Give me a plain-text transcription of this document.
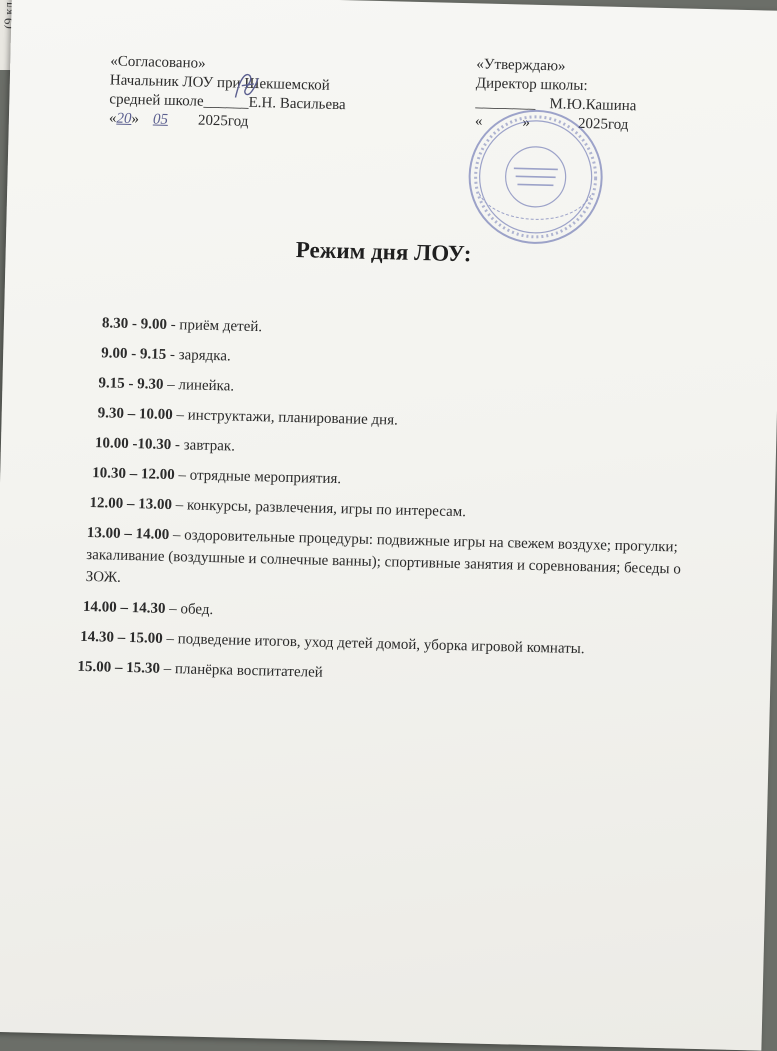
(9 кл
«Согласовано»
Начальник ЛОУ при Шекшемской
средней школе______Е.Н. Васильева
«20» 05 2025год
«Утверждаю»
Директор школы:
________ М.Ю.Кашина
«	»	2025год
Режим дня ЛОУ:
8.30 - 9.00 - приём детей.
9.00 - 9.15 - зарядка.
9.15 - 9.30 – линейка.
9.30 – 10.00 – инструктажи, планирование дня.
10.00 -10.30 - завтрак.
10.30 – 12.00 – отрядные мероприятия.
12.00 – 13.00 – конкурсы, развлечения, игры по интересам.
13.00 – 14.00 – оздоровительные процедуры: подвижные игры на свежем воздухе; прогулки; закаливание (воздушные и солнечные ванны); спортивные занятия и соревнования; беседы о ЗОЖ.
14.00 – 14.30 – обед.
14.30 – 15.00 – подведение итогов, уход детей домой, уборка игровой комнаты.
15.00 – 15.30 – планёрка воспитателей
